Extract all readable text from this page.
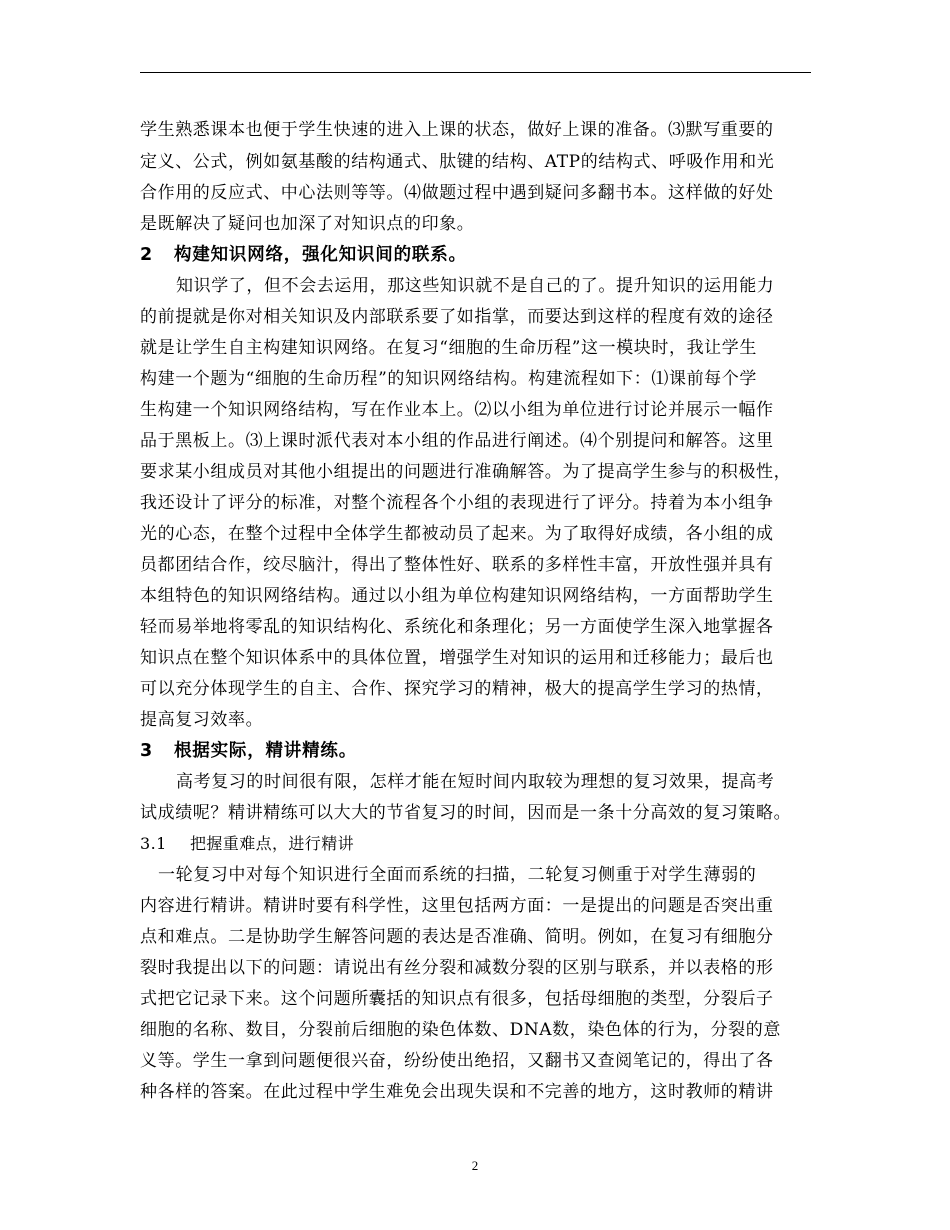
学生熟悉课本也便于学生快速的进入上课的状态，做好上课的准备。⑶默写重要的
定义、公式，例如氨基酸的结构通式、肽键的结构、ATP的结构式、呼吸作用和光
合作用的反应式、中心法则等等。⑷做题过程中遇到疑问多翻书本。这样做的好处
是既解决了疑问也加深了对知识点的印象。
2 构建知识网络，强化知识间的联系。
知识学了，但不会去运用，那这些知识就不是自己的了。提升知识的运用能力
的前提就是你对相关知识及内部联系要了如指掌，而要达到这样的程度有效的途径
就是让学生自主构建知识网络。在复习“细胞的生命历程”这一模块时，我让学生
构建一个题为“细胞的生命历程”的知识网络结构。构建流程如下：⑴课前每个学
生构建一个知识网络结构，写在作业本上。⑵以小组为单位进行讨论并展示一幅作
品于黑板上。⑶上课时派代表对本小组的作品进行阐述。⑷个别提问和解答。这里
要求某小组成员对其他小组提出的问题进行准确解答。为了提高学生参与的积极性，
我还设计了评分的标准，对整个流程各个小组的表现进行了评分。持着为本小组争
光的心态，在整个过程中全体学生都被动员了起来。为了取得好成绩，各小组的成
员都团结合作，绞尽脑汁，得出了整体性好、联系的多样性丰富，开放性强并具有
本组特色的知识网络结构。通过以小组为单位构建知识网络结构，一方面帮助学生
轻而易举地将零乱的知识结构化、系统化和条理化；另一方面使学生深入地掌握各
知识点在整个知识体系中的具体位置，增强学生对知识的运用和迁移能力；最后也
可以充分体现学生的自主、合作、探究学习的精神，极大的提高学生学习的热情，
提高复习效率。
3 根据实际，精讲精练。
高考复习的时间很有限，怎样才能在短时间内取较为理想的复习效果，提高考
试成绩呢？精讲精练可以大大的节省复习的时间，因而是一条十分高效的复习策略。
3.1 把握重难点，进行精讲
一轮复习中对每个知识进行全面而系统的扫描，二轮复习侧重于对学生薄弱的
内容进行精讲。精讲时要有科学性，这里包括两方面：一是提出的问题是否突出重
点和难点。二是协助学生解答问题的表达是否准确、简明。例如，在复习有细胞分
裂时我提出以下的问题：请说出有丝分裂和减数分裂的区别与联系，并以表格的形
式把它记录下来。这个问题所囊括的知识点有很多，包括母细胞的类型，分裂后子
细胞的名称、数目，分裂前后细胞的染色体数、DNA数，染色体的行为，分裂的意
义等。学生一拿到问题便很兴奋，纷纷使出绝招，又翻书又查阅笔记的，得出了各
种各样的答案。在此过程中学生难免会出现失误和不完善的地方，这时教师的精讲
2
